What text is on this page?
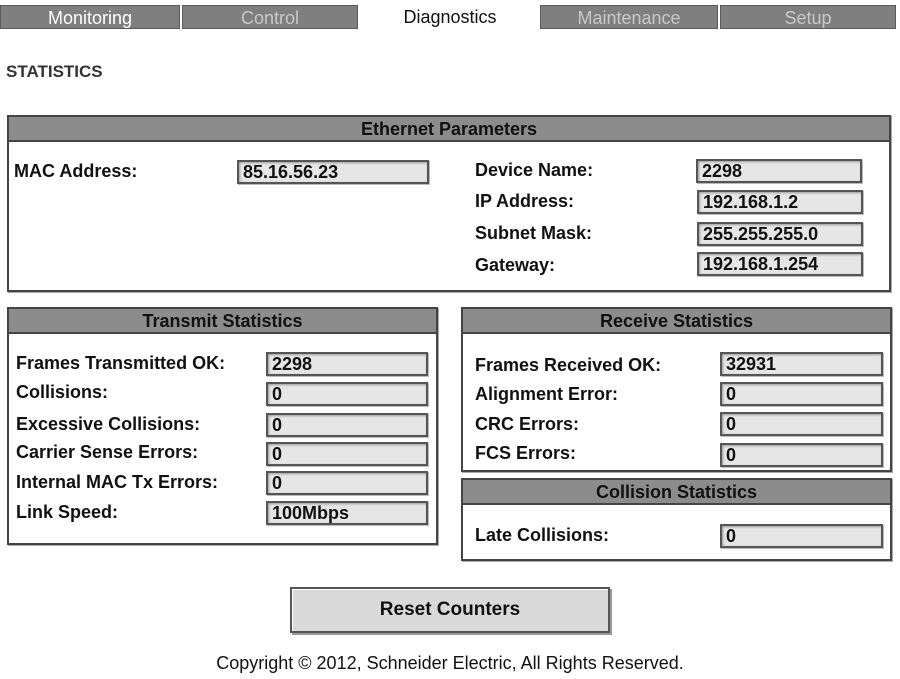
Monitoring	Control	Diagnostics	Maintenance	Setup
STATISTICS
Ethernet Parameters
MAC Address:	85.16.56.23	Device Name:	2298
IP Address:	192.168.1.2
Subnet Mask:	255.255.255.0
Gateway:	192.168.1.254
Transmit Statistics
Frames Transmitted OK:	2298
Collisions:	0
Excessive Collisions:	0
Carrier Sense Errors:	0
Internal MAC Tx Errors:	0
Link Speed:	100Mbps
Receive Statistics
Frames Received OK:	32931
Alignment Error:	0
CRC Errors:	0
FCS Errors:	0
Collision Statistics
Late Collisions:	0
Reset Counters
Copyright © 2012, Schneider Electric, All Rights Reserved.
